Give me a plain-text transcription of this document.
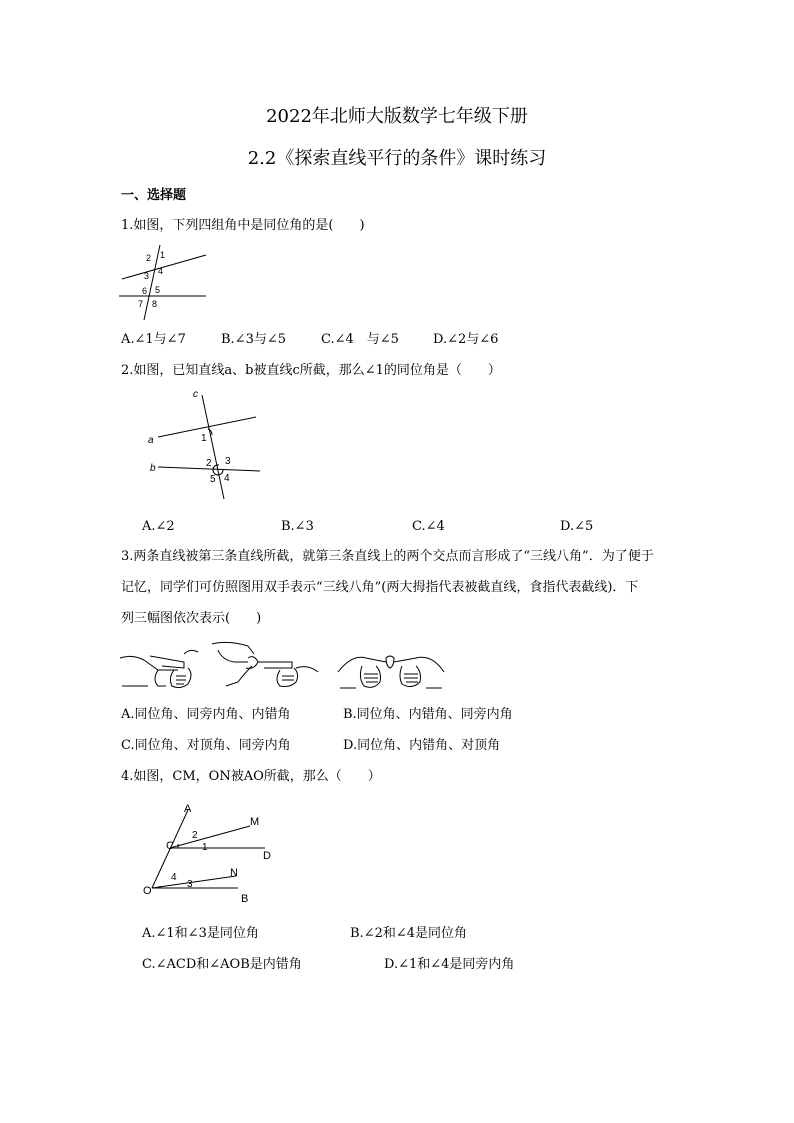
2022年北师大版数学七年级下册
2.2《探索直线平行的条件》课时练习
一、选择题
1.如图，下列四组角中是同位角的是(　　)
1
2
3 4
5
6
7 8
A.∠1与∠7	B.∠3与∠5	C.∠4　与∠5	D.∠2与∠6
2.如图，已知直线a、b被直线c所截，那么∠1的同位角是（　　）
c
a
b
1
2 3
5 4
A.∠2	B.∠3	C.∠4	D.∠5
3.两条直线被第三条直线所截，就第三条直线上的两个交点而言形成了“三线八角”．为了便于
记忆，同学们可仿照图用双手表示“三线八角”(两大拇指代表被截直线，食指代表截线)．下
列三幅图依次表示(　　)
A.同位角、同旁内角、内错角	B.同位角、内错角、同旁内角
C.同位角、对顶角、同旁内角	D.同位角、内错角、对顶角
4.如图，CM，ON被AO所截，那么（　　）
A
M
C
2
1
D
N
4
3
O
B
A.∠1和∠3是同位角	B.∠2和∠4是同位角
C.∠ACD和∠AOB是内错角	D.∠1和∠4是同旁内角
